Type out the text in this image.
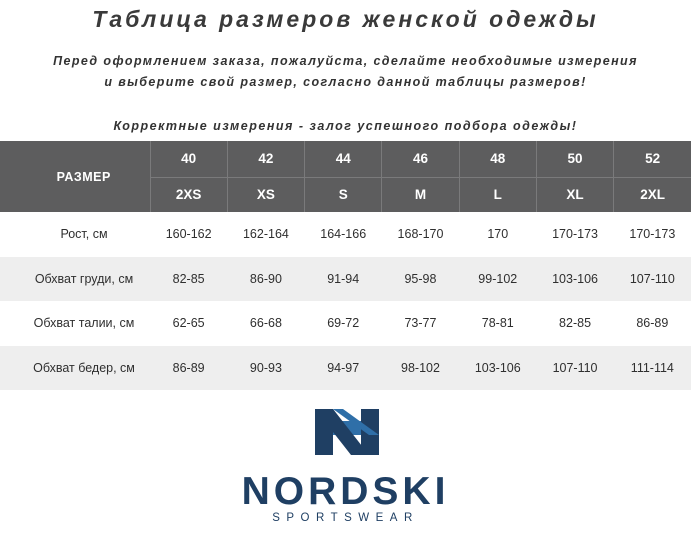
Таблица размеров женской одежды
Перед оформлением заказа, пожалуйста, сделайте необходимые измерения
и выберите свой размер, согласно данной таблицы размеров!
Корректные измерения - залог успешного подбора одежды!
РАЗМЕР	40	42	44	46	48	50	52
	2XS	XS	S	M	L	XL	2XL
Рост, см	160-162	162-164	164-166	168-170	170	170-173	170-173
Обхват груди, см	82-85	86-90	91-94	95-98	99-102	103-106	107-110
Обхват талии, см	62-65	66-68	69-72	73-77	78-81	82-85	86-89
Обхват бедер, см	86-89	90-93	94-97	98-102	103-106	107-110	111-114
NORDSKI
SPORTSWEAR
